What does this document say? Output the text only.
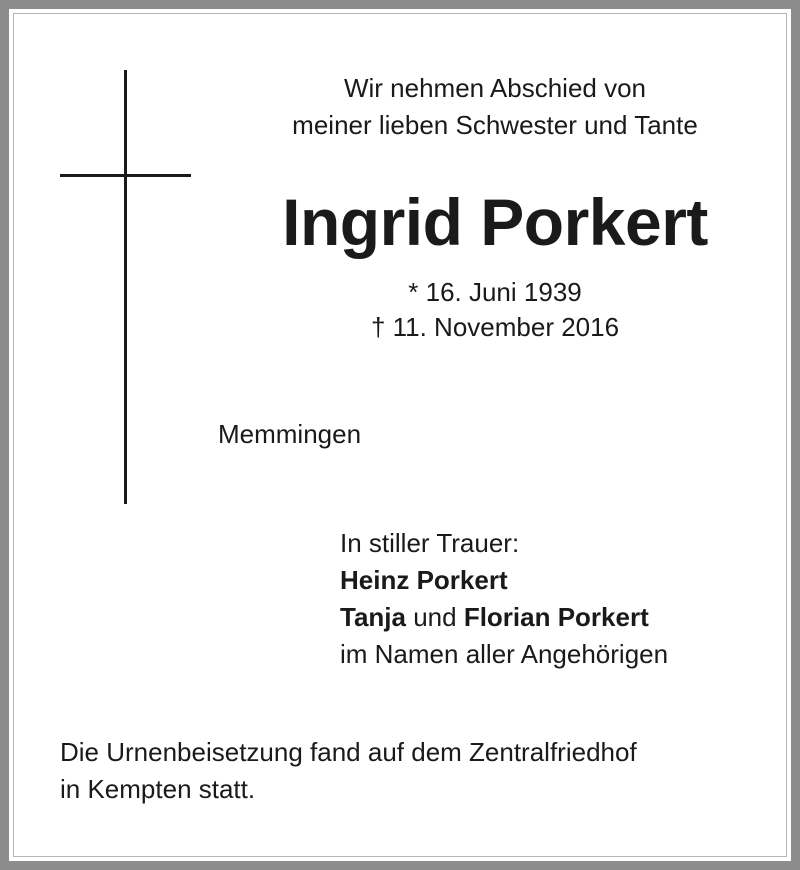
Wir nehmen Abschied von
meiner lieben Schwester und Tante
Ingrid Porkert
* 16. Juni 1939
† 11. November 2016
Memmingen
In stiller Trauer:
Heinz Porkert
Tanja und Florian Porkert
im Namen aller Angehörigen
Die Urnenbeisetzung fand auf dem Zentralfriedhof
in Kempten statt.
